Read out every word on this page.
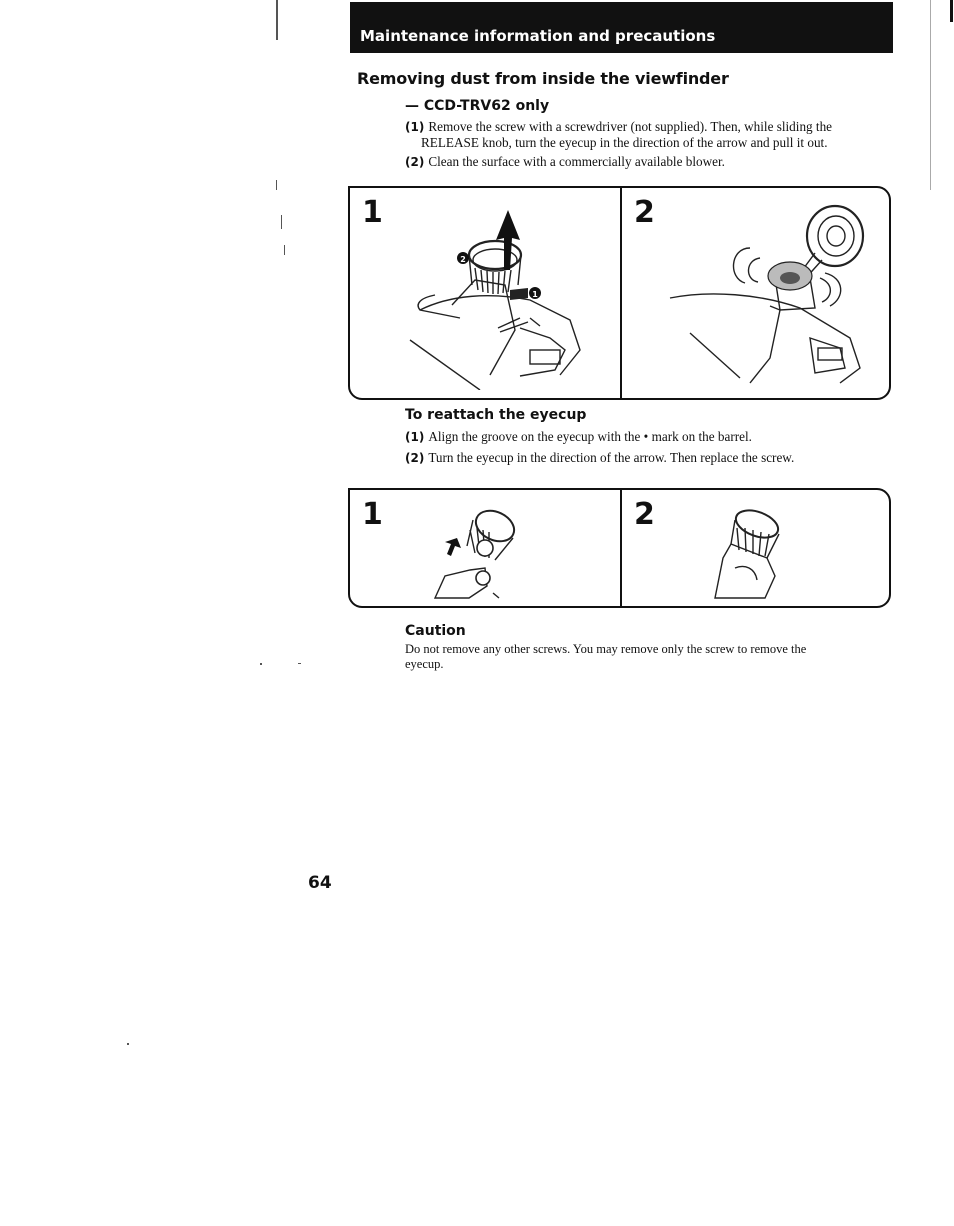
Maintenance information and precautions
Removing dust from inside the viewfinder
— CCD-TRV62 only
(1) Remove the screw with a screwdriver (not supplied). Then, while sliding the
RELEASE knob, turn the eyecup in the direction of the arrow and pull it out.
(2) Clean the surface with a commercially available blower.
1	2
2
1
To reattach the eyecup
(1) Align the groove on the eyecup with the • mark on the barrel.
(2) Turn the eyecup in the direction of the arrow. Then replace the screw.
1	2
Caution
Do not remove any other screws. You may remove only the screw to remove the
eyecup.
64
